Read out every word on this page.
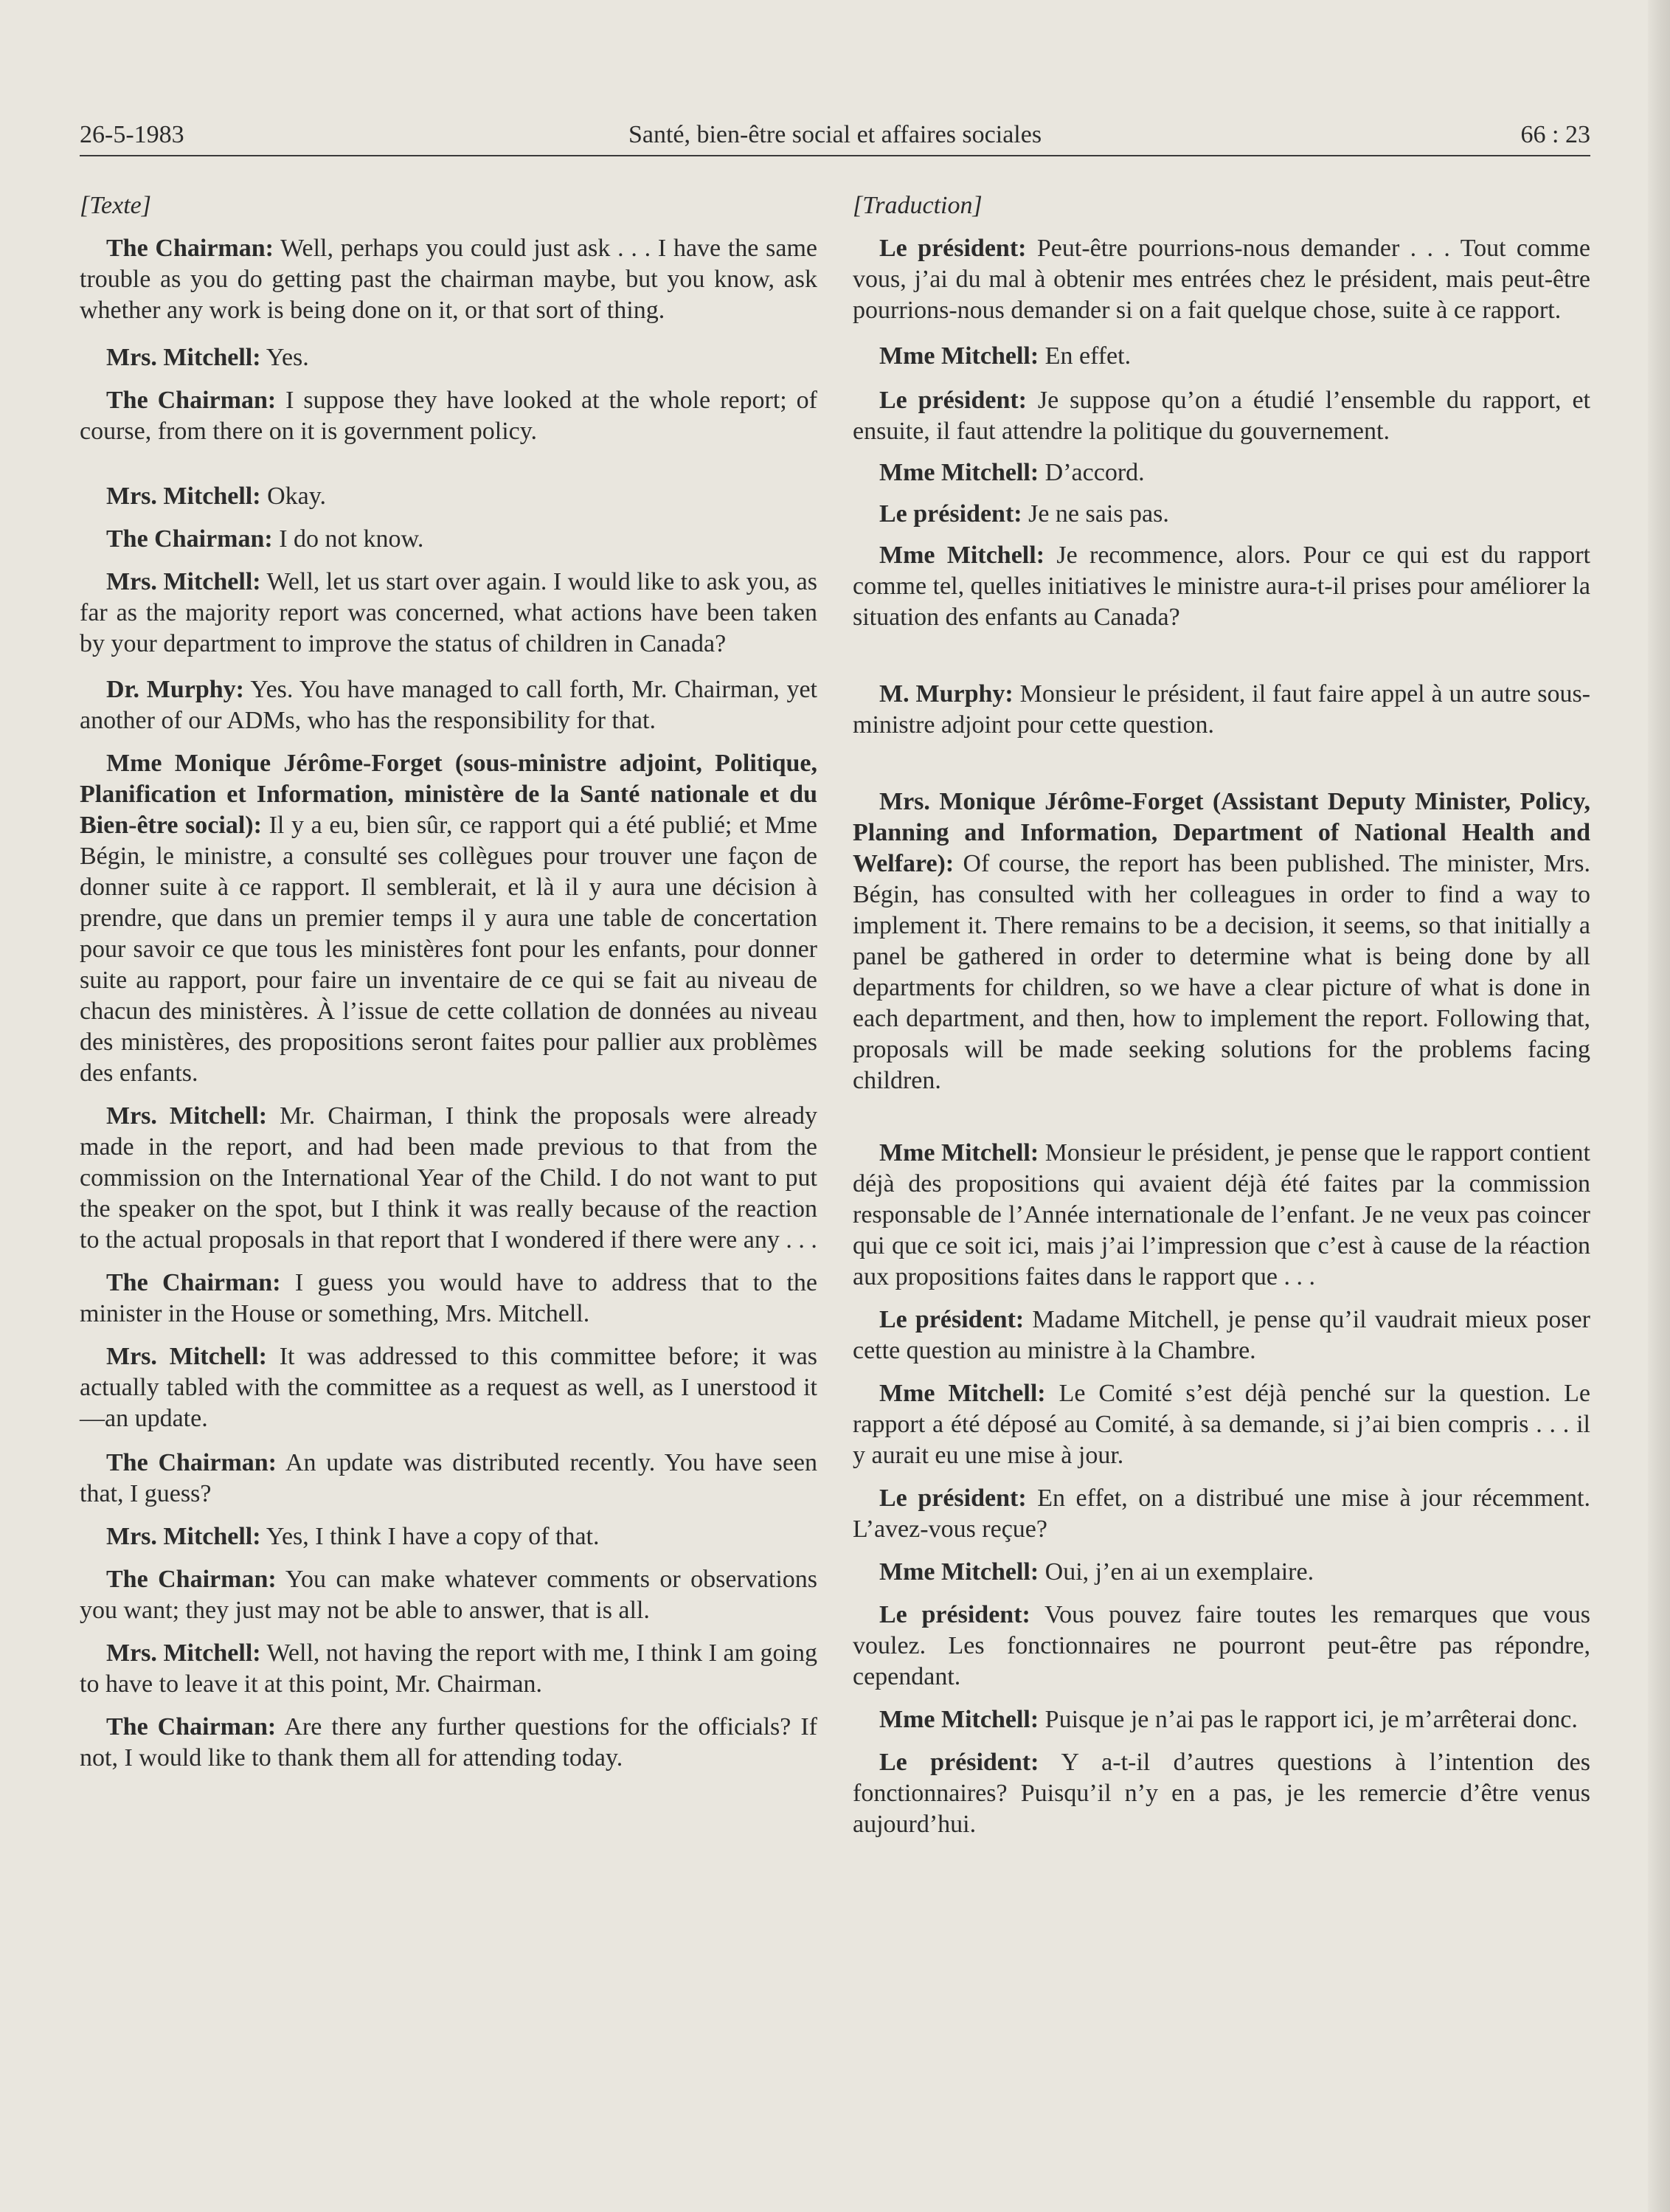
26-5-1983	Santé, bien-être social et affaires sociales	66 : 23

[Texte]

The Chairman: Well, perhaps you could just ask . . . I have the same trouble as you do getting past the chairman maybe, but you know, ask whether any work is being done on it, or that sort of thing.

Mrs. Mitchell: Yes.

The Chairman: I suppose they have looked at the whole report; of course, from there on it is government policy.

Mrs. Mitchell: Okay.

The Chairman: I do not know.

Mrs. Mitchell: Well, let us start over again. I would like to ask you, as far as the majority report was concerned, what actions have been taken by your department to improve the status of children in Canada?

Dr. Murphy: Yes. You have managed to call forth, Mr. Chairman, yet another of our ADMs, who has the responsibility for that.

Mme Monique Jérôme-Forget (sous-ministre adjoint, Politique, Planification et Information, ministère de la Santé nationale et du Bien-être social): Il y a eu, bien sûr, ce rapport qui a été publié; et Mme Bégin, le ministre, a consulté ses collègues pour trouver une façon de donner suite à ce rapport. Il semblerait, et là il y aura une décision à prendre, que dans un premier temps il y aura une table de concertation pour savoir ce que tous les ministères font pour les enfants, pour donner suite au rapport, pour faire un inventaire de ce qui se fait au niveau de chacun des ministères. À l’issue de cette collation de données au niveau des ministères, des propositions seront faites pour pallier aux problèmes des enfants.

Mrs. Mitchell: Mr. Chairman, I think the proposals were already made in the report, and had been made previous to that from the commission on the International Year of the Child. I do not want to put the speaker on the spot, but I think it was really because of the reaction to the actual proposals in that report that I wondered if there were any . . .

The Chairman: I guess you would have to address that to the minister in the House or something, Mrs. Mitchell.

Mrs. Mitchell: It was addressed to this committee before; it was actually tabled with the committee as a request as well, as I unerstood it—an update.

The Chairman: An update was distributed recently. You have seen that, I guess?

Mrs. Mitchell: Yes, I think I have a copy of that.

The Chairman: You can make whatever comments or observations you want; they just may not be able to answer, that is all.

Mrs. Mitchell: Well, not having the report with me, I think I am going to have to leave it at this point, Mr. Chairman.

The Chairman: Are there any further questions for the officials? If not, I would like to thank them all for attending today.

[Traduction]

Le président: Peut-être pourrions-nous demander . . . Tout comme vous, j’ai du mal à obtenir mes entrées chez le président, mais peut-être pourrions-nous demander si on a fait quelque chose, suite à ce rapport.

Mme Mitchell: En effet.

Le président: Je suppose qu’on a étudié l’ensemble du rapport, et ensuite, il faut attendre la politique du gouvernement.

Mme Mitchell: D’accord.

Le président: Je ne sais pas.

Mme Mitchell: Je recommence, alors. Pour ce qui est du rapport comme tel, quelles initiatives le ministre aura-t-il prises pour améliorer la situation des enfants au Canada?

M. Murphy: Monsieur le président, il faut faire appel à un autre sous-ministre adjoint pour cette question.

Mrs. Monique Jérôme-Forget (Assistant Deputy Minister, Policy, Planning and Information, Department of National Health and Welfare): Of course, the report has been published. The minister, Mrs. Bégin, has consulted with her colleagues in order to find a way to implement it. There remains to be a decision, it seems, so that initially a panel be gathered in order to determine what is being done by all departments for children, so we have a clear picture of what is done in each department, and then, how to implement the report. Following that, proposals will be made seeking solutions for the problems facing children.

Mme Mitchell: Monsieur le président, je pense que le rapport contient déjà des propositions qui avaient déjà été faites par la commission responsable de l’Année internationale de l’enfant. Je ne veux pas coincer qui que ce soit ici, mais j’ai l’impression que c’est à cause de la réaction aux propositions faites dans le rapport que . . .

Le président: Madame Mitchell, je pense qu’il vaudrait mieux poser cette question au ministre à la Chambre.

Mme Mitchell: Le Comité s’est déjà penché sur la question. Le rapport a été déposé au Comité, à sa demande, si j’ai bien compris . . . il y aurait eu une mise à jour.

Le président: En effet, on a distribué une mise à jour récemment. L’avez-vous reçue?

Mme Mitchell: Oui, j’en ai un exemplaire.

Le président: Vous pouvez faire toutes les remarques que vous voulez. Les fonctionnaires ne pourront peut-être pas répondre, cependant.

Mme Mitchell: Puisque je n’ai pas le rapport ici, je m’arrêterai donc.

Le président: Y a-t-il d’autres questions à l’intention des fonctionnaires? Puisqu’il n’y en a pas, je les remercie d’être venus aujourd’hui.
